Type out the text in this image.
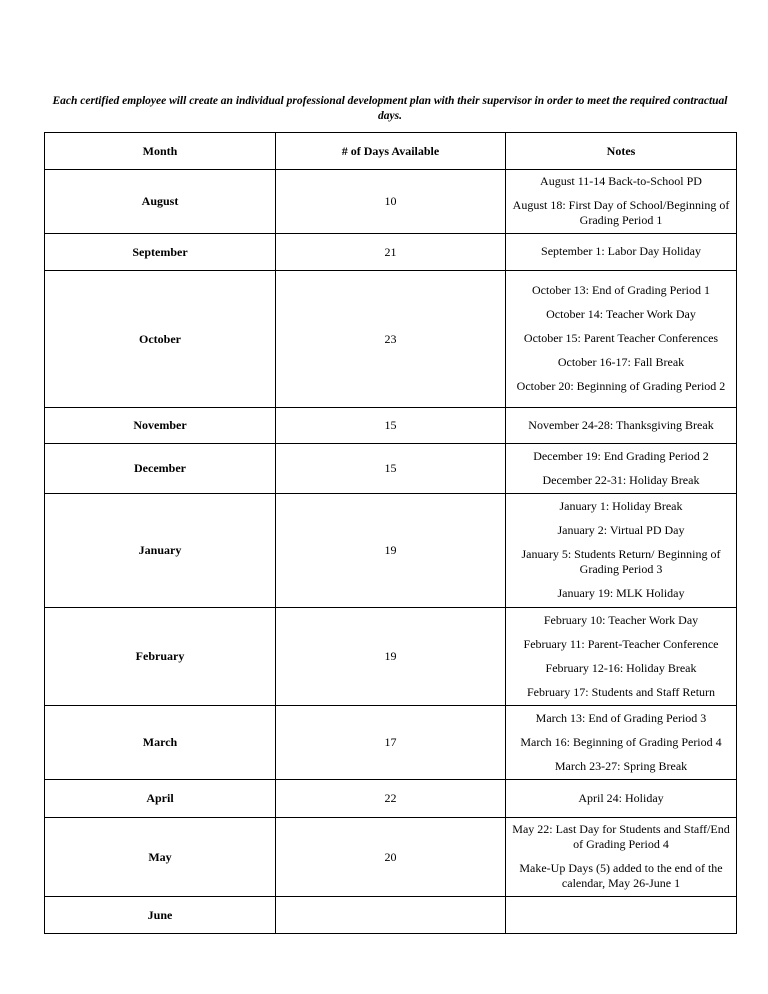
Each certified employee will create an individual professional development plan with their supervisor in order to meet the required contractual days.
Month	# of Days Available	Notes
August	10	August 11-14 Back-to-School PD

August 18: First Day of School/Beginning of Grading Period 1

September	21	September 1: Labor Day Holiday

October	23	October 13: End of Grading Period 1

October 14: Teacher Work Day

October 15: Parent Teacher Conferences

October 16-17: Fall Break

October 20: Beginning of Grading Period 2

November	15	November 24-28: Thanksgiving Break

December	15	December 19: End Grading Period 2

December 22-31: Holiday Break

January	19	January 1: Holiday Break

January 2: Virtual PD Day

January 5: Students Return/ Beginning of Grading Period 3

January 19: MLK Holiday

February	19	February 10: Teacher Work Day

February 11: Parent-Teacher Conference

February 12-16: Holiday Break

February 17: Students and Staff Return

March	17	March 13: End of Grading Period 3

March 16: Beginning of Grading Period 4

March 23-27: Spring Break

April	22	April 24: Holiday

May	20	May 22: Last Day for Students and Staff/End of Grading Period 4

Make-Up Days (5) added to the end of the calendar, May 26-June 1

June		
